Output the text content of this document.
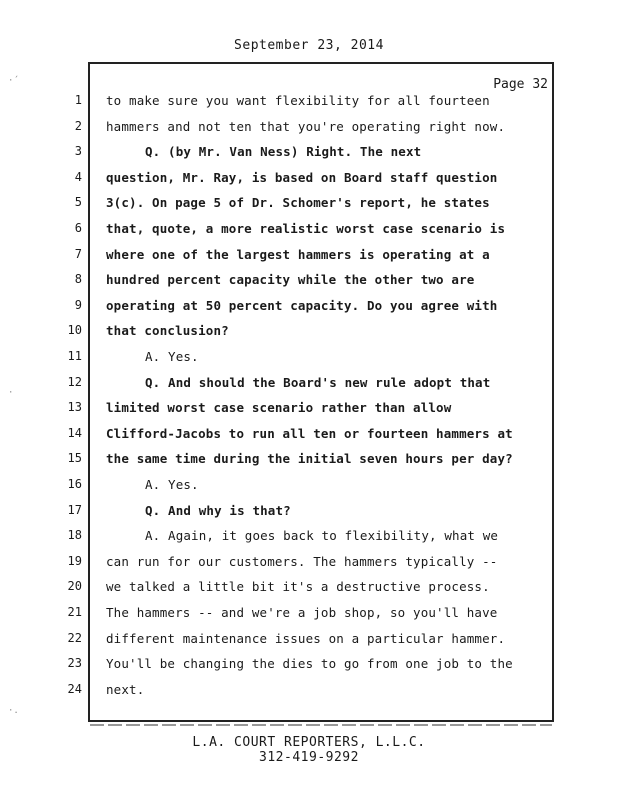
September 23, 2014
Page 32
1 to make sure you want flexibility for all fourteen
2 hammers and not ten that you're operating right now.
3	Q. (by Mr. Van Ness) Right. The next
4 question, Mr. Ray, is based on Board staff question
5 3(c). On page 5 of Dr. Schomer's report, he states
6 that, quote, a more realistic worst case scenario is
7 where one of the largest hammers is operating at a
8 hundred percent capacity while the other two are
9 operating at 50 percent capacity. Do you agree with
10 that conclusion?
11	A. Yes.
12	Q. And should the Board's new rule adopt that
13 limited worst case scenario rather than allow
14 Clifford-Jacobs to run all ten or fourteen hammers at
15 the same time during the initial seven hours per day?
16	A. Yes.
17	Q. And why is that?
18	A. Again, it goes back to flexibility, what we
19 can run for our customers. The hammers typically --
20 we talked a little bit it's a destructive process.
21 The hammers -- and we're a job shop, so you'll have
22 different maintenance issues on a particular hammer.
23 You'll be changing the dies to go from one job to the
24 next.
L.A. COURT REPORTERS, L.L.C.
312-419-9292
·´
·
·.
